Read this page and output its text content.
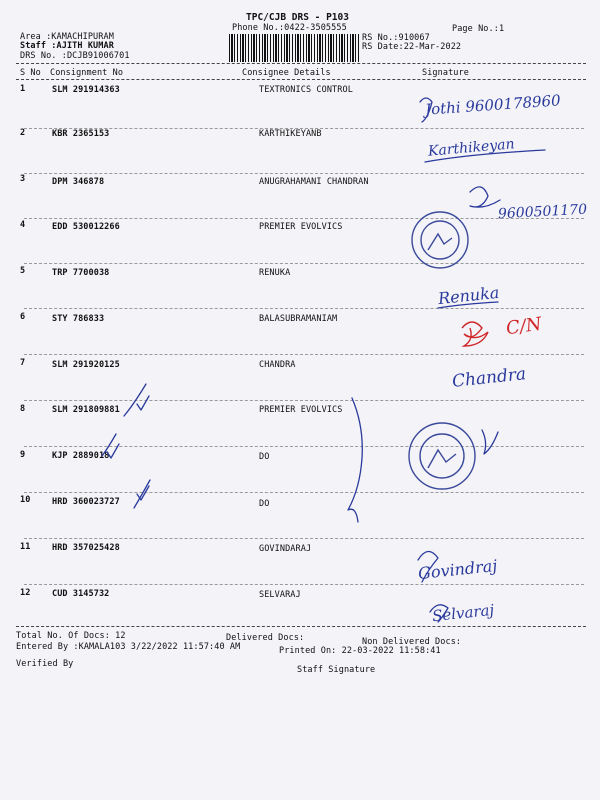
TPC/CJB DRS - P103
Phone No.:0422-3505555	Page No.:1
Area :KAMACHIPURAM
Staff :AJITH KUMAR
DRS No. :DCJB91006701
RS No.:910067
RS Date:22-Mar-2022
S No Consignment No	Consignee Details	Signature
1	SLM 291914363	TEXTRONICS CONTROL
2	KBR 2365153	KARTHIKEYANB
3	DPM 346878	ANUGRAHAMANI CHANDRAN
4	EDD 530012266	PREMIER EVOLVICS
5	TRP 7700038	RENUKA
6	STY 786833	BALASUBRAMANIAM
7	SLM 291920125	CHANDRA
8	SLM 291809881	PREMIER EVOLVICS
9	KJP 2889018	DO
10	HRD 360023727	DO
11	HRD 357025428	GOVINDARAJ
12	CUD 3145732	SELVARAJ
Total No. Of Docs: 12	Delivered Docs:	Non Delivered Docs:
Entered By :KAMALA103 3/22/2022 11:57:40 AM	Printed On: 22-03-2022 11:58:41
Verified By
Staff Signature
Jothi 9600178960
Karthikeyan
9600501170
Renuka
C/N
Chandra
Govindraj
Selvaraj
